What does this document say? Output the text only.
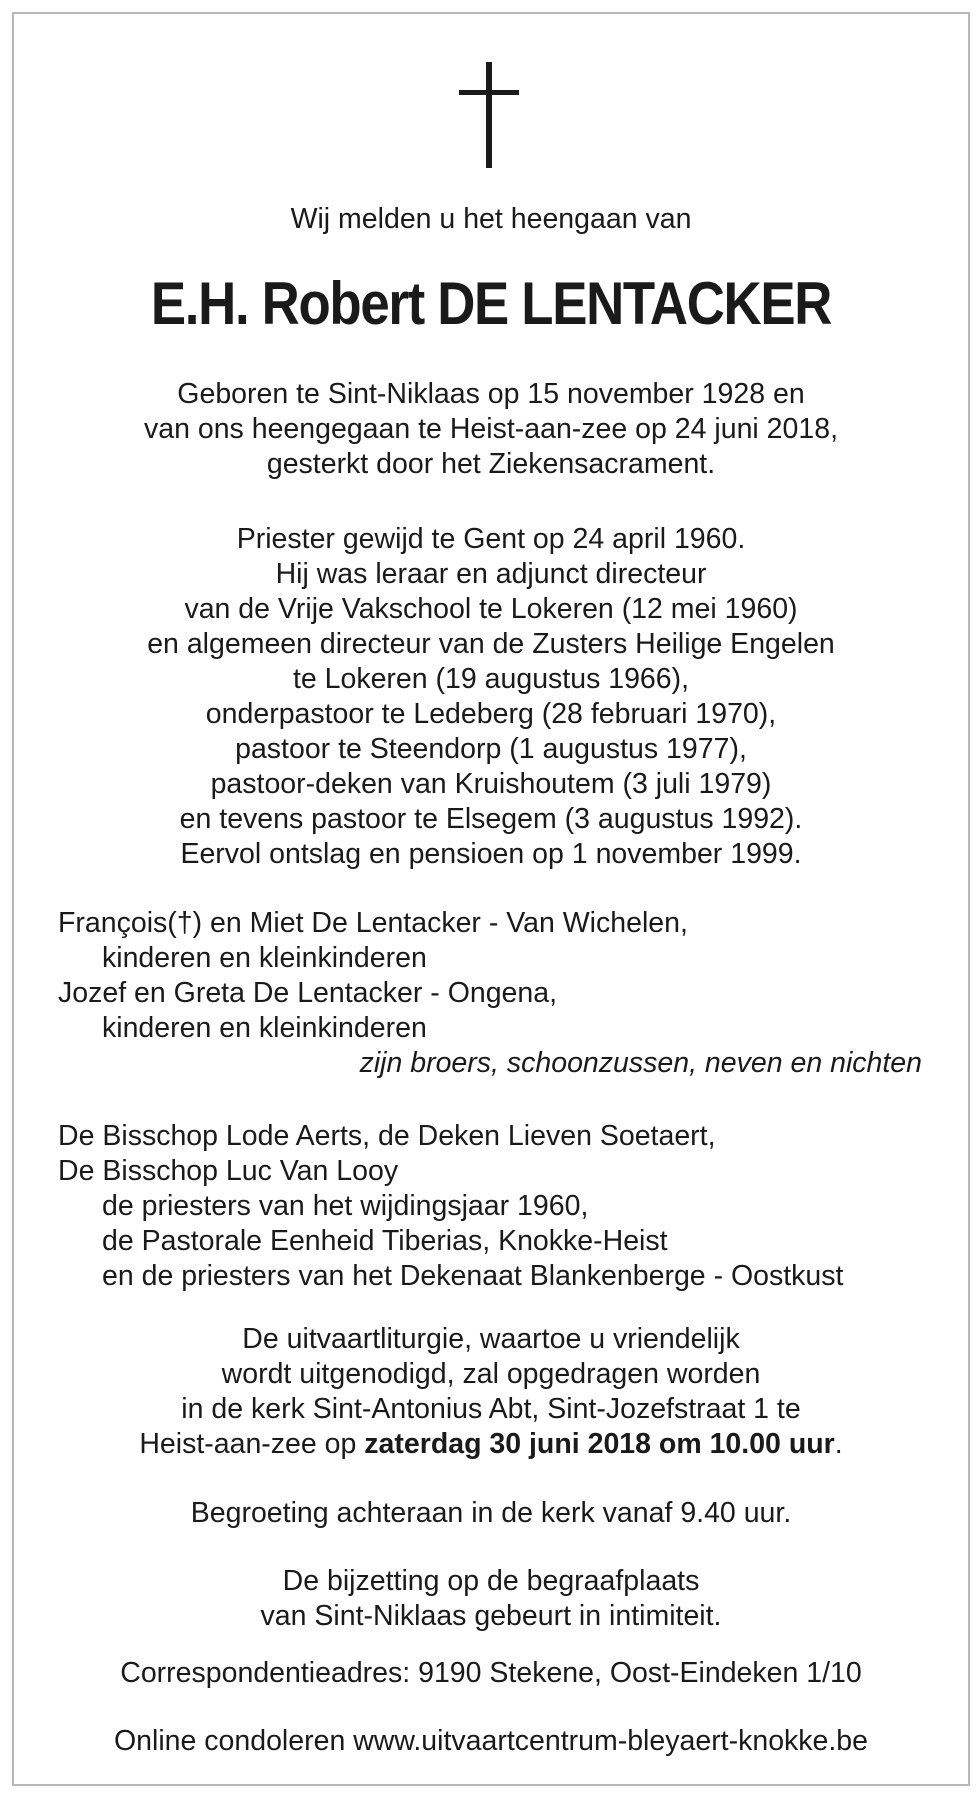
Wij melden u het heengaan van
E.H. Robert DE LENTACKER
Geboren te Sint-Niklaas op 15 november 1928 en
van ons heengegaan te Heist-aan-zee op 24 juni 2018,
gesterkt door het Ziekensacrament.
Priester gewijd te Gent op 24 april 1960.
Hij was leraar en adjunct directeur
van de Vrije Vakschool te Lokeren (12 mei 1960)
en algemeen directeur van de Zusters Heilige Engelen
te Lokeren (19 augustus 1966),
onderpastoor te Ledeberg (28 februari 1970),
pastoor te Steendorp (1 augustus 1977),
pastoor-deken van Kruishoutem (3 juli 1979)
en tevens pastoor te Elsegem (3 augustus 1992).
Eervol ontslag en pensioen op 1 november 1999.
François(†) en Miet De Lentacker - Van Wichelen,
kinderen en kleinkinderen
Jozef en Greta De Lentacker - Ongena,
kinderen en kleinkinderen
zijn broers, schoonzussen, neven en nichten
De Bisschop Lode Aerts, de Deken Lieven Soetaert,
De Bisschop Luc Van Looy
de priesters van het wijdingsjaar 1960,
de Pastorale Eenheid Tiberias, Knokke-Heist
en de priesters van het Dekenaat Blankenberge - Oostkust
De uitvaartliturgie, waartoe u vriendelijk
wordt uitgenodigd, zal opgedragen worden
in de kerk Sint-Antonius Abt, Sint-Jozefstraat 1 te
Heist-aan-zee op zaterdag 30 juni 2018 om 10.00 uur.
Begroeting achteraan in de kerk vanaf 9.40 uur.
De bijzetting op de begraafplaats
van Sint-Niklaas gebeurt in intimiteit.
Correspondentieadres: 9190 Stekene, Oost-Eindeken 1/10
Online condoleren www.uitvaartcentrum-bleyaert-knokke.be
